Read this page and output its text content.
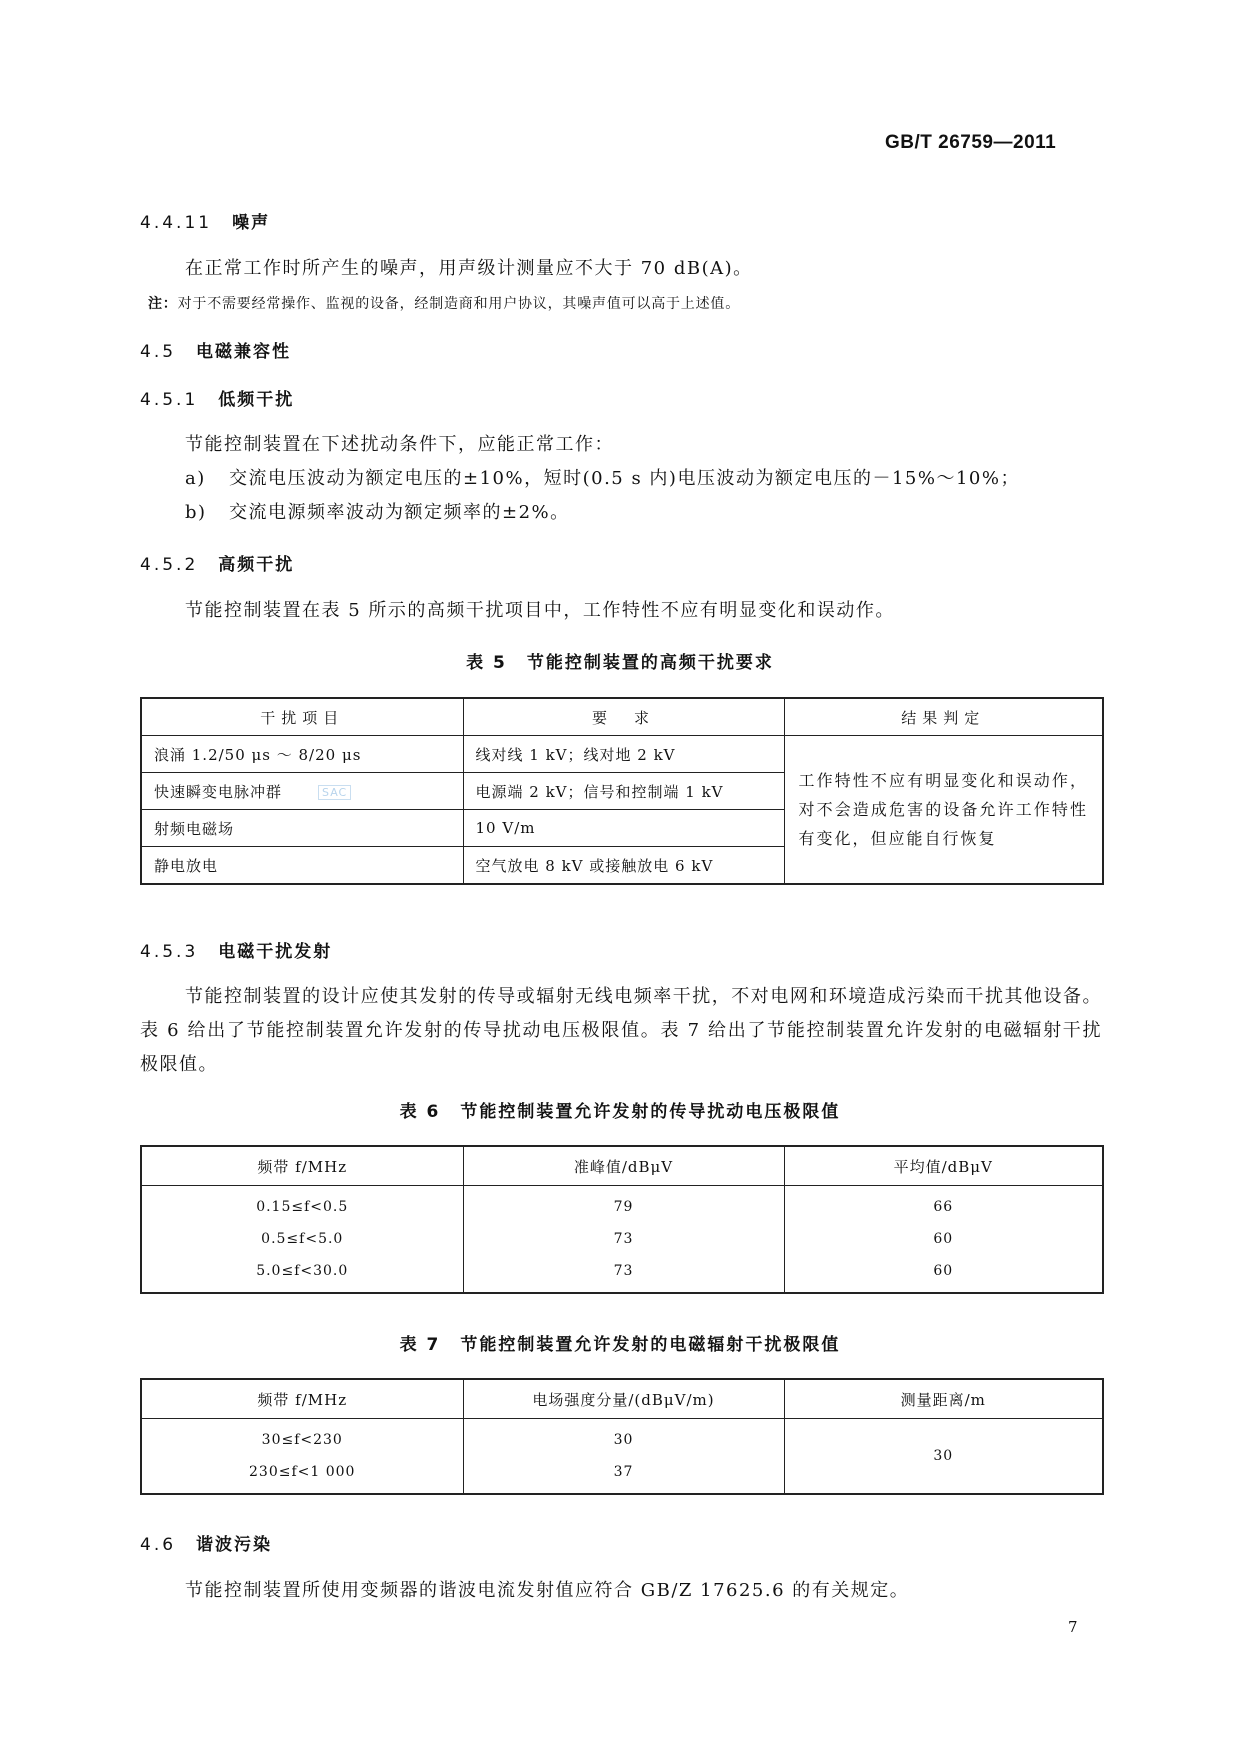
GB/T 26759—2011
4.4.11 噪声
在正常工作时所产生的噪声，用声级计测量应不大于 70 dB(A)。
注：对于不需要经常操作、监视的设备，经制造商和用户协议，其噪声值可以高于上述值。
4.5 电磁兼容性
4.5.1 低频干扰
节能控制装置在下述扰动条件下，应能正常工作：
a) 交流电压波动为额定电压的±10%，短时(0.5 s 内)电压波动为额定电压的－15%～10%；
b) 交流电源频率波动为额定频率的±2%。
4.5.2 高频干扰
节能控制装置在表 5 所示的高频干扰项目中，工作特性不应有明显变化和误动作。
表 5 节能控制装置的高频干扰要求
干扰项目	要　求	结果判定
浪涌 1.2/50 μs ～ 8/20 μs	线对线 1 kV；线对地 2 kV	工作特性不应有明显变化和误动作，对不会造成危害的设备允许工作特性有变化，但应能自行恢复
快速瞬变电脉冲群 SAC	电源端 2 kV；信号和控制端 1 kV	
射频电磁场	10 V/m	
静电放电	空气放电 8 kV 或接触放电 6 kV	
4.5.3 电磁干扰发射
节能控制装置的设计应使其发射的传导或辐射无线电频率干扰，不对电网和环境造成污染而干扰其他设备。表 6 给出了节能控制装置允许发射的传导扰动电压极限值。表 7 给出了节能控制装置允许发射的电磁辐射干扰极限值。
表 6 节能控制装置允许发射的传导扰动电压极限值
频带 f/MHz	准峰值/dBμV	平均值/dBμV
0.15≤f<0.5	79	66
0.5≤f<5.0	73	60
5.0≤f<30.0	73	60
表 7 节能控制装置允许发射的电磁辐射干扰极限值
频带 f/MHz	电场强度分量/(dBμV/m)	测量距离/m
30≤f<230	30	30
230≤f<1 000	37	
4.6 谐波污染
节能控制装置所使用变频器的谐波电流发射值应符合 GB/Z 17625.6 的有关规定。
7
